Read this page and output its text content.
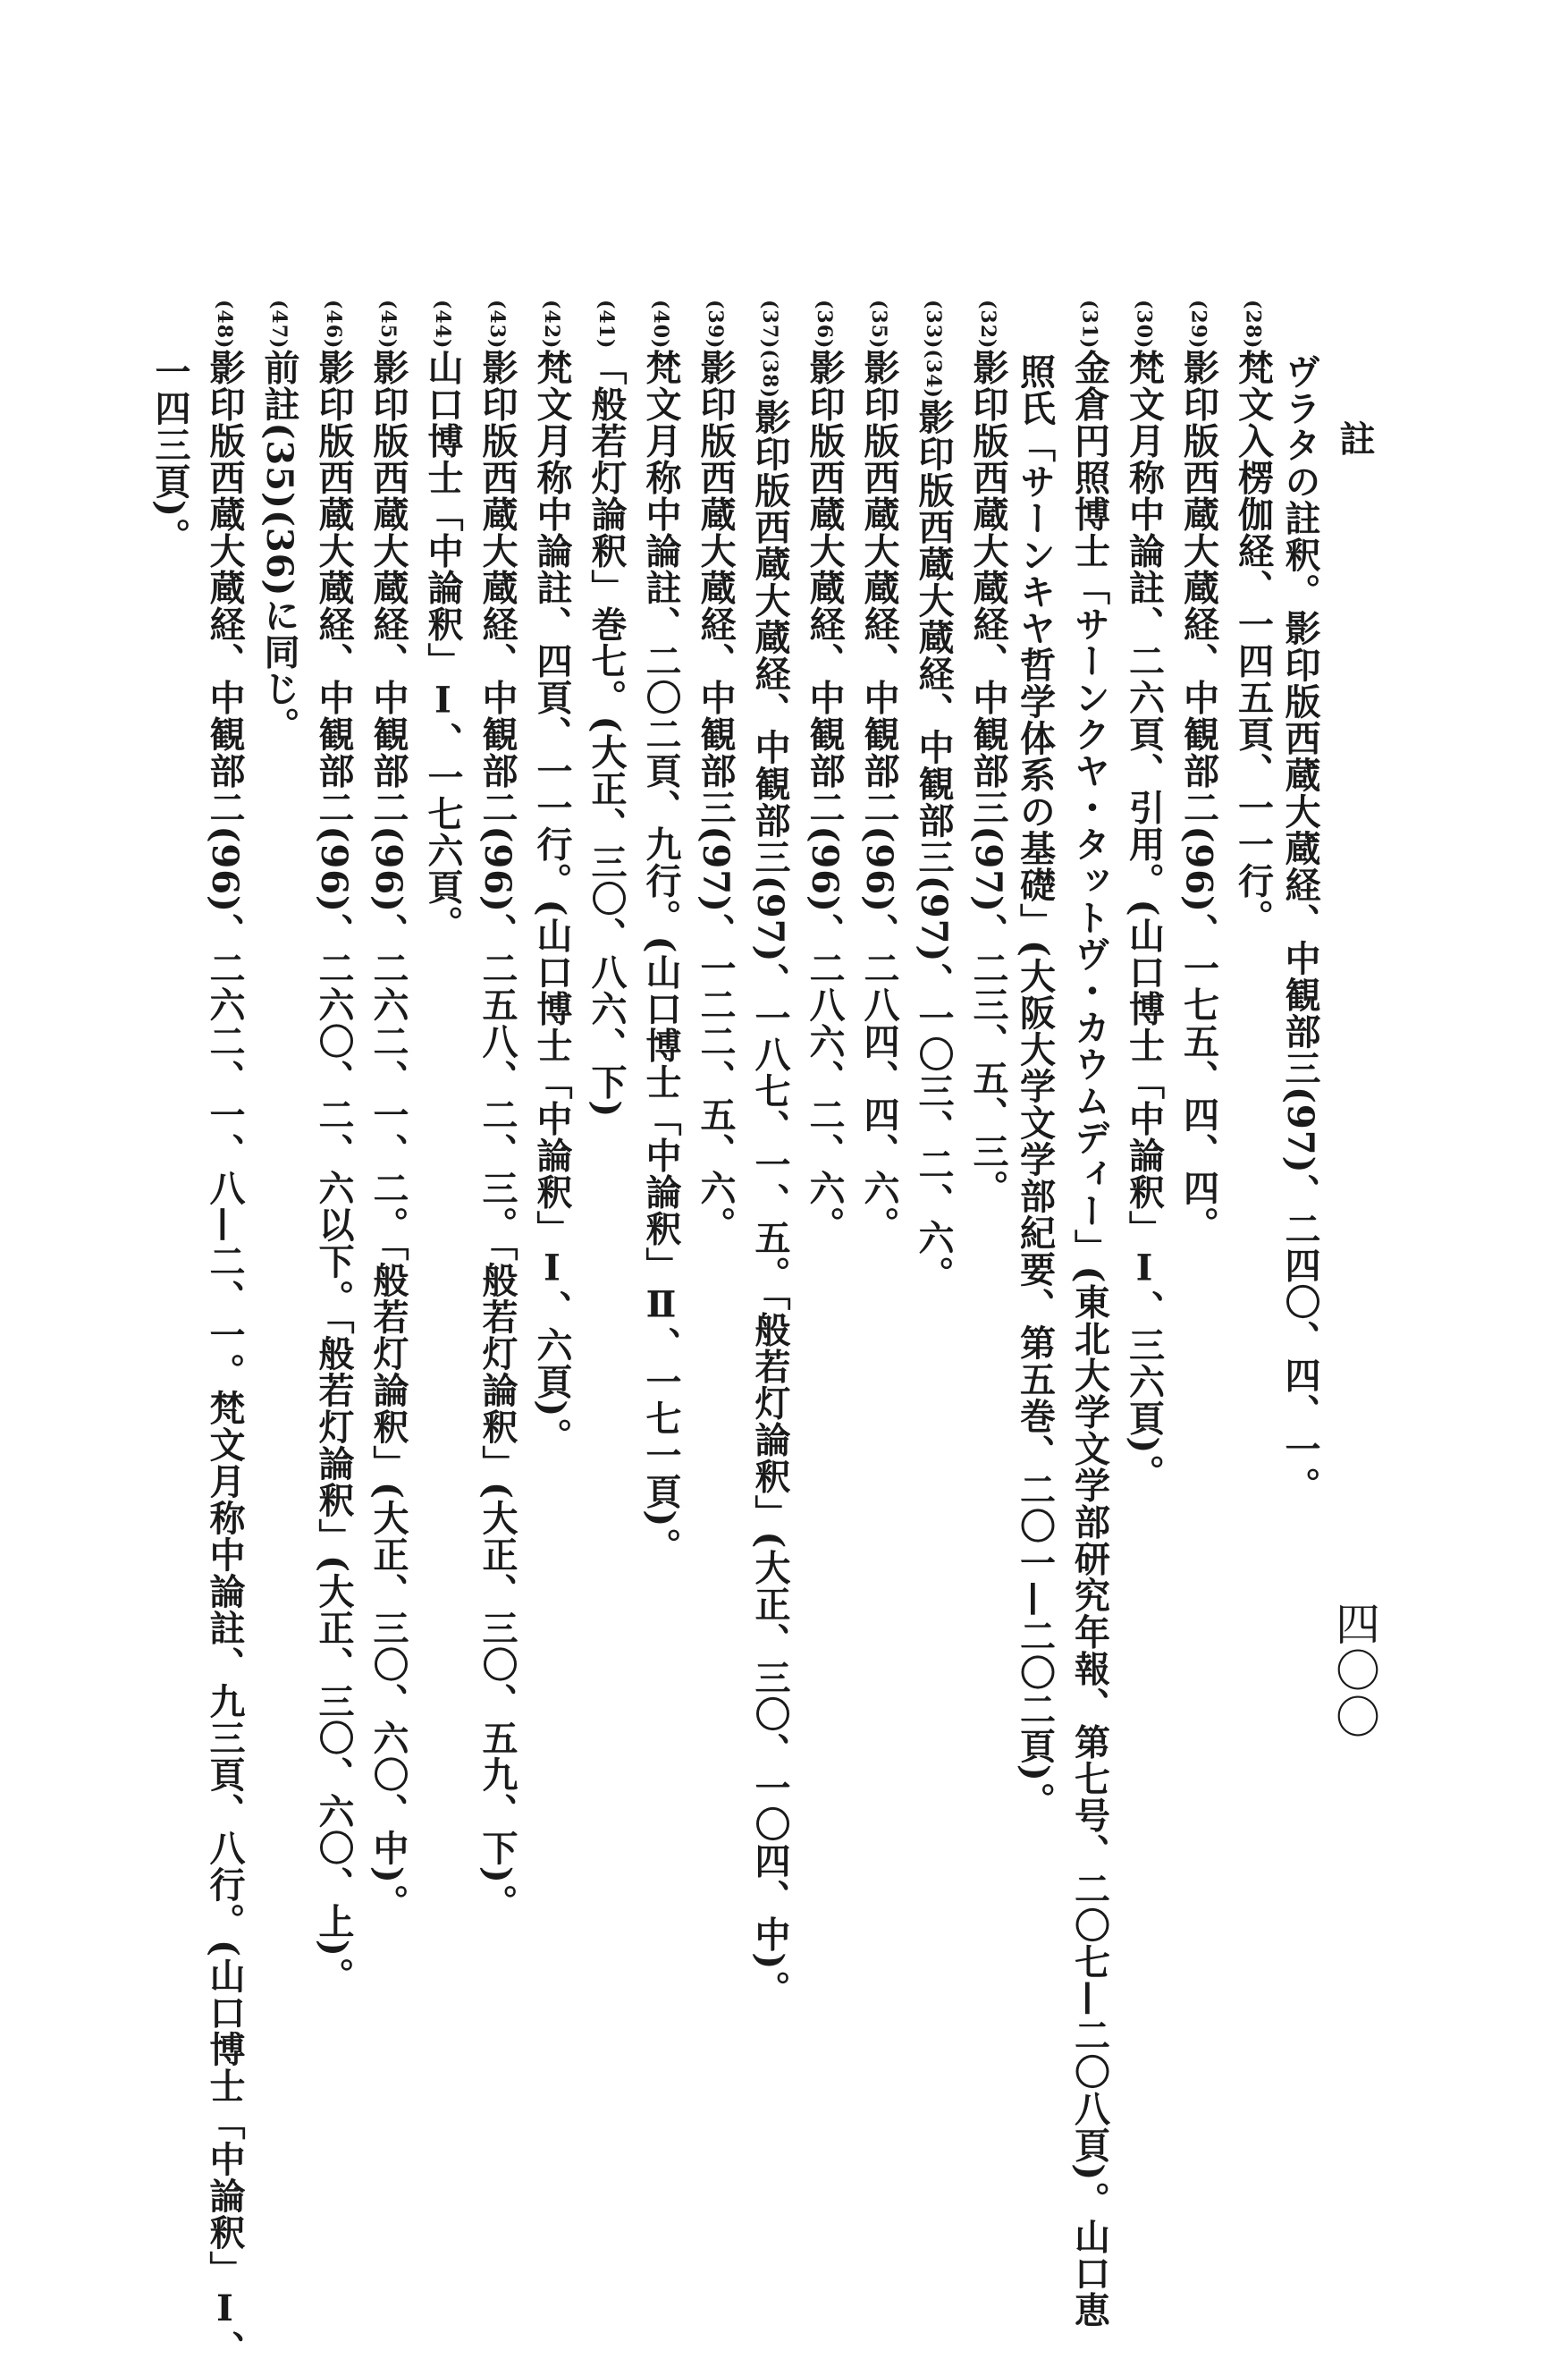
註
四〇〇
ヴラタの註釈。影印版西蔵大蔵経、中観部三(97)、二四〇、四、一。
(28)梵文入楞伽経、一四五頁、一一行。
(29)影印版西蔵大蔵経、中観部二(96)、一七五、四、四。
(30)梵文月称中論註、二六頁、引用。(山口博士「中論釈」Ⅰ、三六頁)。
(31)金倉円照博士「サーンクヤ・タットヴ・カウムディー」(東北大学文学部研究年報、第七号、二〇七—二〇八頁)。山口恵
照氏「サーンキヤ哲学体系の基礎」(大阪大学文学部紀要、第五巻、二〇一—二〇二頁)。
(32)影印版西蔵大蔵経、中観部三(97)、二三、五、三。
(33)(34)影印版西蔵大蔵経、中観部三(97)、一〇三、二、六。
(35)影印版西蔵大蔵経、中観部二(96)、二八四、四、六。
(36)影印版西蔵大蔵経、中観部二(96)、二八六、二、六。
(37)(38)影印版西蔵大蔵経、中観部三(97)、一八七、一、五。「般若灯論釈」(大正、三〇、一〇四、中)。
(39)影印版西蔵大蔵経、中観部三(97)、一二二、五、六。
(40)梵文月称中論註、二〇二頁、九行。(山口博士「中論釈」Ⅱ、一七一頁)。
(41)「般若灯論釈」巻七。(大正、三〇、八六、下)
(42)梵文月称中論註、四頁、一一行。(山口博士「中論釈」Ⅰ、六頁)。
(43)影印版西蔵大蔵経、中観部二(96)、二五八、二、三。「般若灯論釈」(大正、三〇、五九、下)。
(44)山口博士「中論釈」Ⅰ、一七六頁。
(45)影印版西蔵大蔵経、中観部二(96)、二六二、一、二。「般若灯論釈」(大正、三〇、六〇、中)。
(46)影印版西蔵大蔵経、中観部二(96)、二六〇、二、六以下。「般若灯論釈」(大正、三〇、六〇、上)。
(47)前註(35)(36)に同じ。
(48)影印版西蔵大蔵経、中観部二(96)、二六二、一、八—二、一。梵文月称中論註、九三頁、八行。(山口博士「中論釈」Ⅰ、
一四三頁)。
